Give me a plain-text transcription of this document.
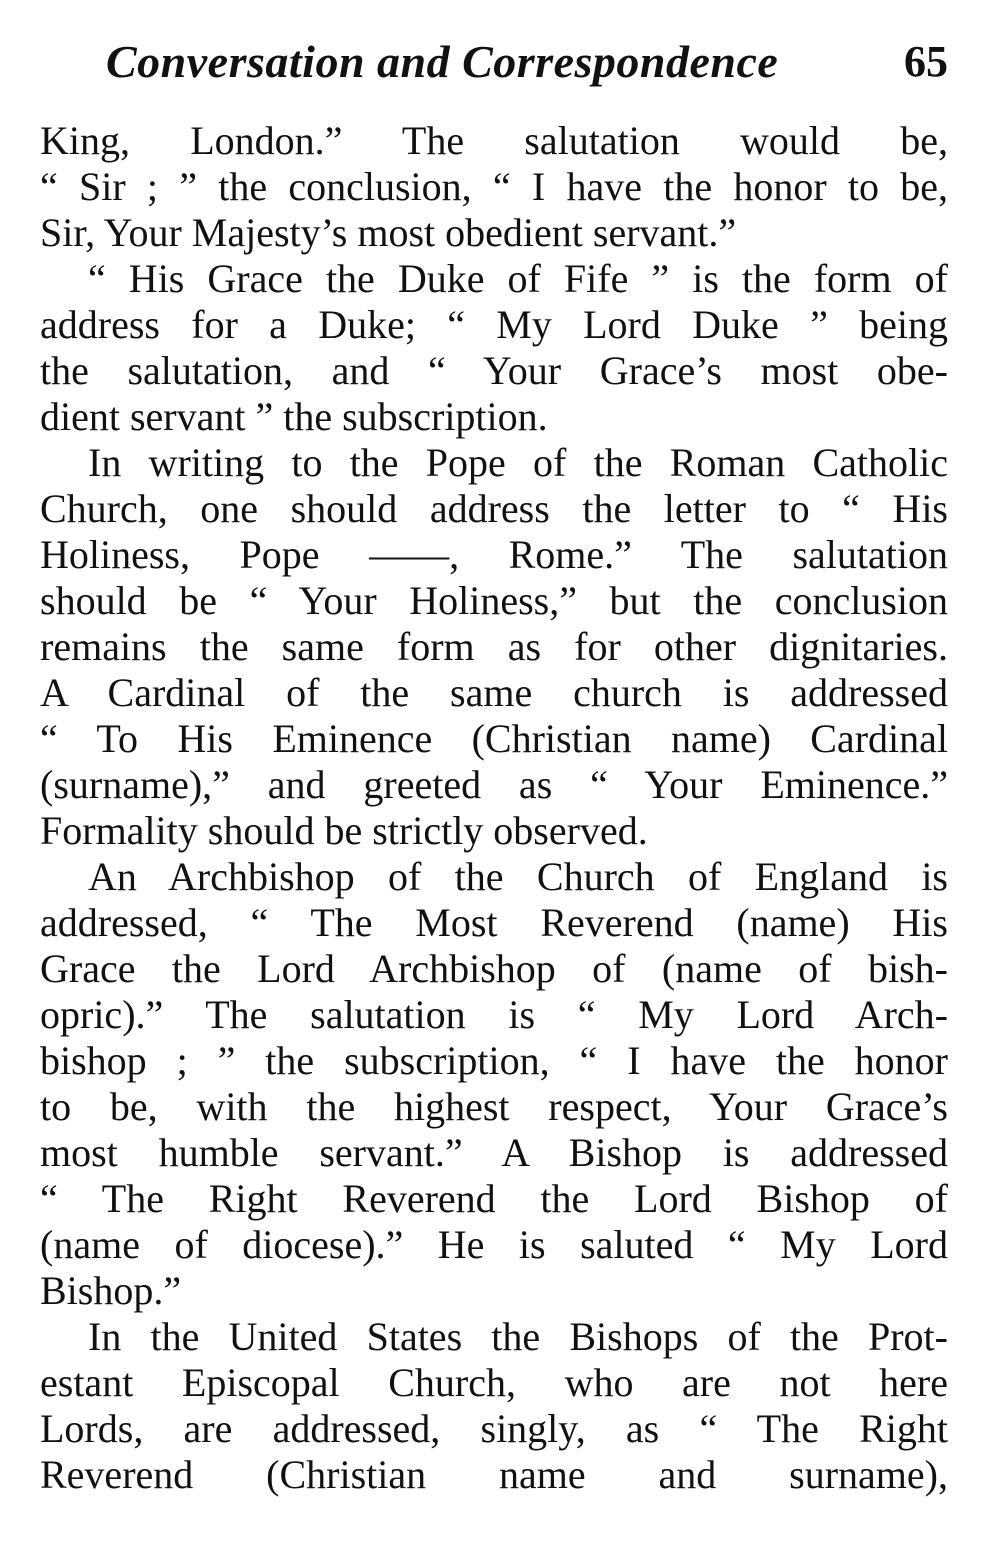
Conversation and Correspondence	65
King, London.” The salutation would be,
“ Sir ; ” the conclusion, “ I have the honor to be,
Sir, Your Majesty’s most obedient servant.”
“ His Grace the Duke of Fife ” is the form of
address for a Duke; “ My Lord Duke ” being
the salutation, and “ Your Grace’s most obe-
dient servant ” the subscription.
In writing to the Pope of the Roman Catholic
Church, one should address the letter to “ His
Holiness, Pope ——, Rome.” The salutation
should be “ Your Holiness,” but the conclusion
remains the same form as for other dignitaries.
A Cardinal of the same church is addressed
“ To His Eminence (Christian name) Cardinal
(surname),” and greeted as “ Your Eminence.”
Formality should be strictly observed.
An Archbishop of the Church of England is
addressed, “ The Most Reverend (name) His
Grace the Lord Archbishop of (name of bish-
opric).” The salutation is “ My Lord Arch-
bishop ; ” the subscription, “ I have the honor
to be, with the highest respect, Your Grace’s
most humble servant.” A Bishop is addressed
“ The Right Reverend the Lord Bishop of
(name of diocese).” He is saluted “ My Lord
Bishop.”
In the United States the Bishops of the Prot-
estant Episcopal Church, who are not here
Lords, are addressed, singly, as “ The Right
Reverend (Christian name and surname),
